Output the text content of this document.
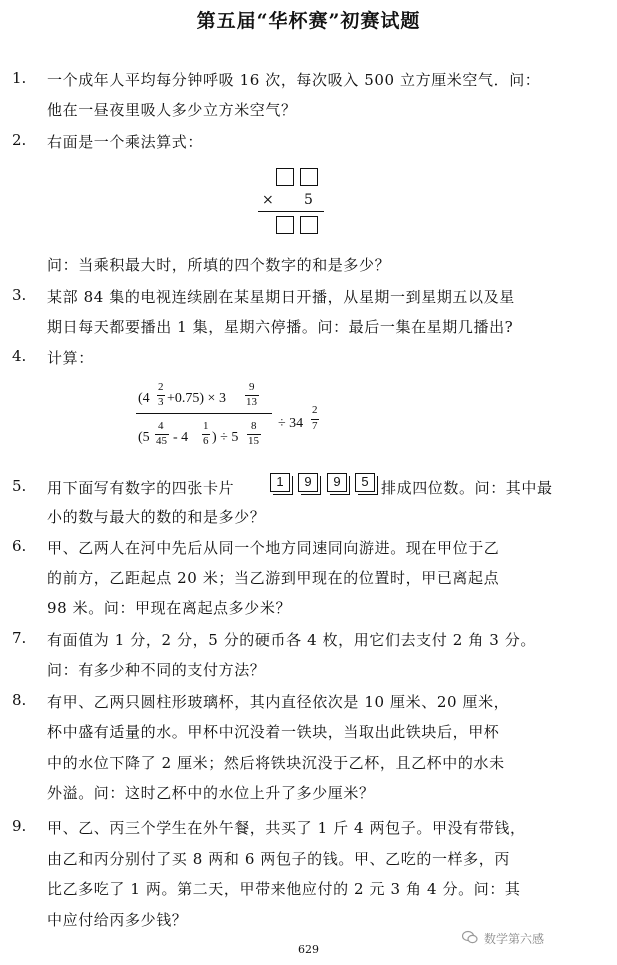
第五届“华杯赛”初赛试题
1. 一个成年人平均每分钟呼吸 16 次，每次吸入 500 立方厘米空气．问：
他在一昼夜里吸人多少立方米空气？
2. 右面是一个乘法算式：
× 5
问：当乘积最大时，所填的四个数字的和是多少？
3. 某部 84 集的电视连续剧在某星期日开播，从星期一到星期五以及星
期日每天都要播出 1 集，星期六停播。问：最后一集在星期几播出?
4. 计算：
(4
2
3 +0.75) × 3
9
13
(5
4
45 - 4
1
6 ) ÷ 5
8
15
÷ 34
2
7
5. 用下面写有数字的四张卡片	1	9	9	5 排成四位数。问：其中最
小的数与最大的数的和是多少？
6. 甲、乙两人在河中先后从同一个地方同速同向游进。现在甲位于乙
的前方，乙距起点 20 米；当乙游到甲现在的位置时，甲已离起点
98 米。问：甲现在离起点多少米？
7. 有面值为 1 分，2 分，5 分的硬币各 4 枚，用它们去支付 2 角 3 分。
问：有多少种不同的支付方法？
8. 有甲、乙两只圆柱形玻璃杯，其内直径依次是 10 厘米、20 厘米，
杯中盛有适量的水。甲杯中沉没着一铁块，当取出此铁块后，甲杯
中的水位下降了 2 厘米；然后将铁块沉没于乙杯，且乙杯中的水未
外溢。问：这时乙杯中的水位上升了多少厘米？
9. 甲、乙、丙三个学生在外午餐，共买了 1 斤 4 两包子。甲没有带钱，
由乙和丙分别付了买 8 两和 6 两包子的钱。甲、乙吃的一样多，丙
比乙多吃了 1 两。第二天，甲带来他应付的 2 元 3 角 4 分。问：其
中应付给丙多少钱？
629
数学第六感
